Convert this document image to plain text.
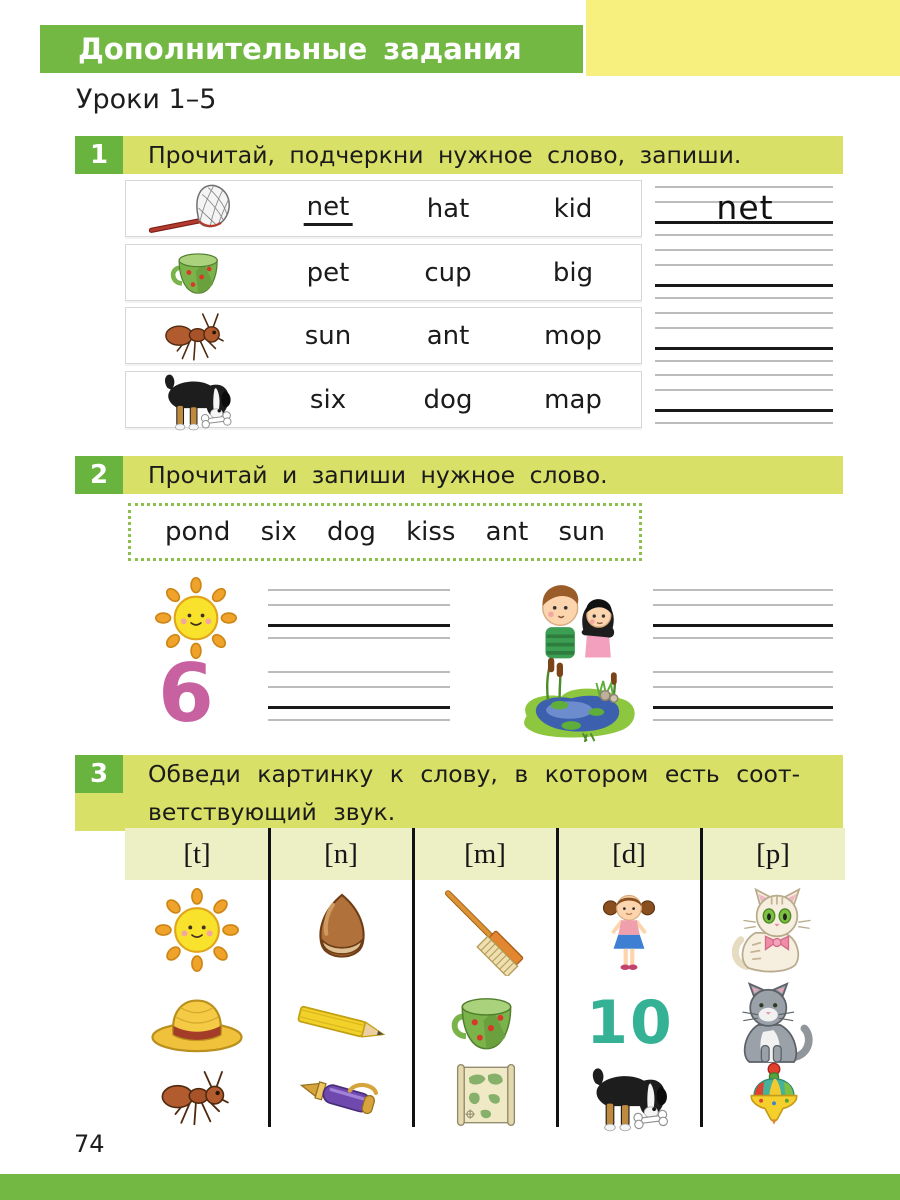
Дополнительные задания
Уроки 1–5
1	Прочитай, подчеркни нужное слово, запиши.
net	hat	kid
pet	cup	big
sun	ant	mop
six	dog	map
net
2	Прочитай и запиши нужное слово.
pond six dog kiss ant sun
6
3	Обведи картинку к слову, в котором есть соот-
ветствующий звук.
[t]	[n]	[m]	[d]	[p]
10
74
